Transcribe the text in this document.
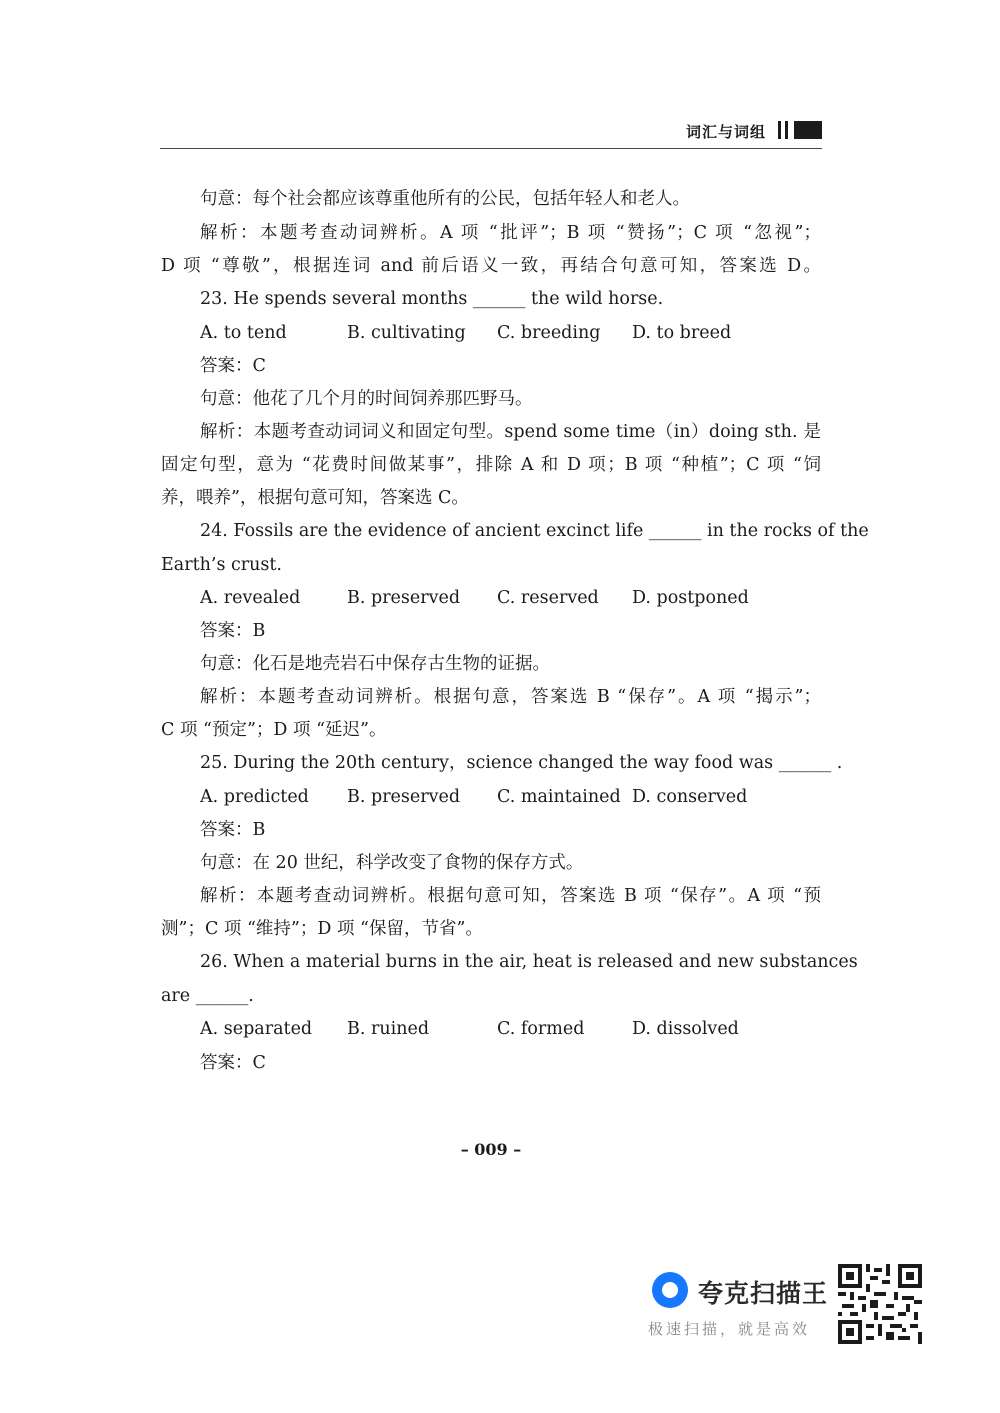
词汇与词组
句意：每个社会都应该尊重他所有的公民，包括年轻人和老人。
解析：本题考查动词辨析。A 项 “批评”；B 项 “赞扬”；C 项 “忽视”；
D 项 “尊敬”，根据连词 and 前后语义一致，再结合句意可知，答案选 D。
23. He spends several months ______ the wild horse.
A. to tend	B. cultivating C. breeding D. to breed
答案：C
句意：他花了几个月的时间饲养那匹野马。
解析：本题考查动词词义和固定句型。spend some time（in）doing sth. 是
固定句型，意为 “花费时间做某事”，排除 A 和 D 项；B 项 “种植”；C 项 “饲
养，喂养”，根据句意可知，答案选 C。
24. Fossils are the evidence of ancient excinct life ______ in the rocks of the
Earth’s crust.
A. revealed	B. preserved C. reserved D. postponed
答案：B
句意：化石是地壳岩石中保存古生物的证据。
解析：本题考查动词辨析。根据句意，答案选 B “保存”。A 项 “揭示”；
C 项 “预定”；D 项 “延迟”。
25. During the 20th century，science changed the way food was ______ .
A. predicted B. preserved C. maintained D. conserved
答案：B
句意：在 20 世纪，科学改变了食物的保存方式。
解析：本题考查动词辨析。根据句意可知，答案选 B 项 “保存”。A 项 “预
测”；C 项 “维持”；D 项 “保留，节省”。
26. When a material burns in the air, heat is released and new substances
are ______.
A. separated B. ruined	C. formed	D. dissolved
答案：C
– 009 –
夸克扫描王
极速扫描，就是高效
